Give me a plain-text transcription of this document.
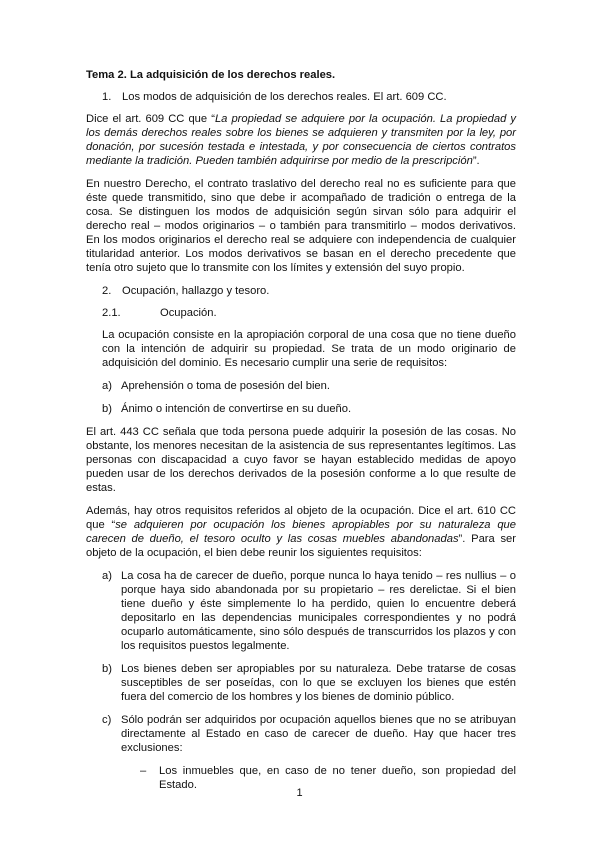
Tema 2. La adquisición de los derechos reales.
1. Los modos de adquisición de los derechos reales. El art. 609 CC.

Dice el art. 609 CC que “La propiedad se adquiere por la ocupación. La propiedad y los demás derechos reales sobre los bienes se adquieren y transmiten por la ley, por donación, por sucesión testada e intestada, y por consecuencia de ciertos contratos mediante la tradición. Pueden también adquirirse por medio de la prescripción”.

En nuestro Derecho, el contrato traslativo del derecho real no es suficiente para que éste quede transmitido, sino que debe ir acompañado de tradición o entrega de la cosa. Se distinguen los modos de adquisición según sirvan sólo para adquirir el derecho real – modos originarios – o también para transmitirlo – modos derivativos. En los modos originarios el derecho real se adquiere con independencia de cualquier titularidad anterior. Los modos derivativos se basan en el derecho precedente que tenía otro sujeto que lo transmite con los límites y extensión del suyo propio.

2. Ocupación, hallazgo y tesoro.
2.1.	Ocupación.

La ocupación consiste en la apropiación corporal de una cosa que no tiene dueño con la intención de adquirir su propiedad. Se trata de un modo originario de adquisición del dominio. Es necesario cumplir una serie de requisitos:

a) Aprehensión o toma de posesión del bien.
b) Ánimo o intención de convertirse en su dueño.

El art. 443 CC señala que toda persona puede adquirir la posesión de las cosas. No obstante, los menores necesitan de la asistencia de sus representantes legítimos. Las personas con discapacidad a cuyo favor se hayan establecido medidas de apoyo pueden usar de los derechos derivados de la posesión conforme a lo que resulte de estas.

Además, hay otros requisitos referidos al objeto de la ocupación. Dice el art. 610 CC que “se adquieren por ocupación los bienes apropiables por su naturaleza que carecen de dueño, el tesoro oculto y las cosas muebles abandonadas”. Para ser objeto de la ocupación, el bien debe reunir los siguientes requisitos:

a) La cosa ha de carecer de dueño, porque nunca lo haya tenido – res nullius – o porque haya sido abandonada por su propietario – res derelictae. Si el bien tiene dueño y éste simplemente lo ha perdido, quien lo encuentre deberá depositarlo en las dependencias municipales correspondientes y no podrá ocuparlo automáticamente, sino sólo después de transcurridos los plazos y con los requisitos puestos legalmente.
b) Los bienes deben ser apropiables por su naturaleza. Debe tratarse de cosas susceptibles de ser poseídas, con lo que se excluyen los bienes que estén fuera del comercio de los hombres y los bienes de dominio público.
c) Sólo podrán ser adquiridos por ocupación aquellos bienes que no se atribuyan directamente al Estado en caso de carecer de dueño. Hay que hacer tres exclusiones:
–	Los inmuebles que, en caso de no tener dueño, son propiedad del Estado.
1
